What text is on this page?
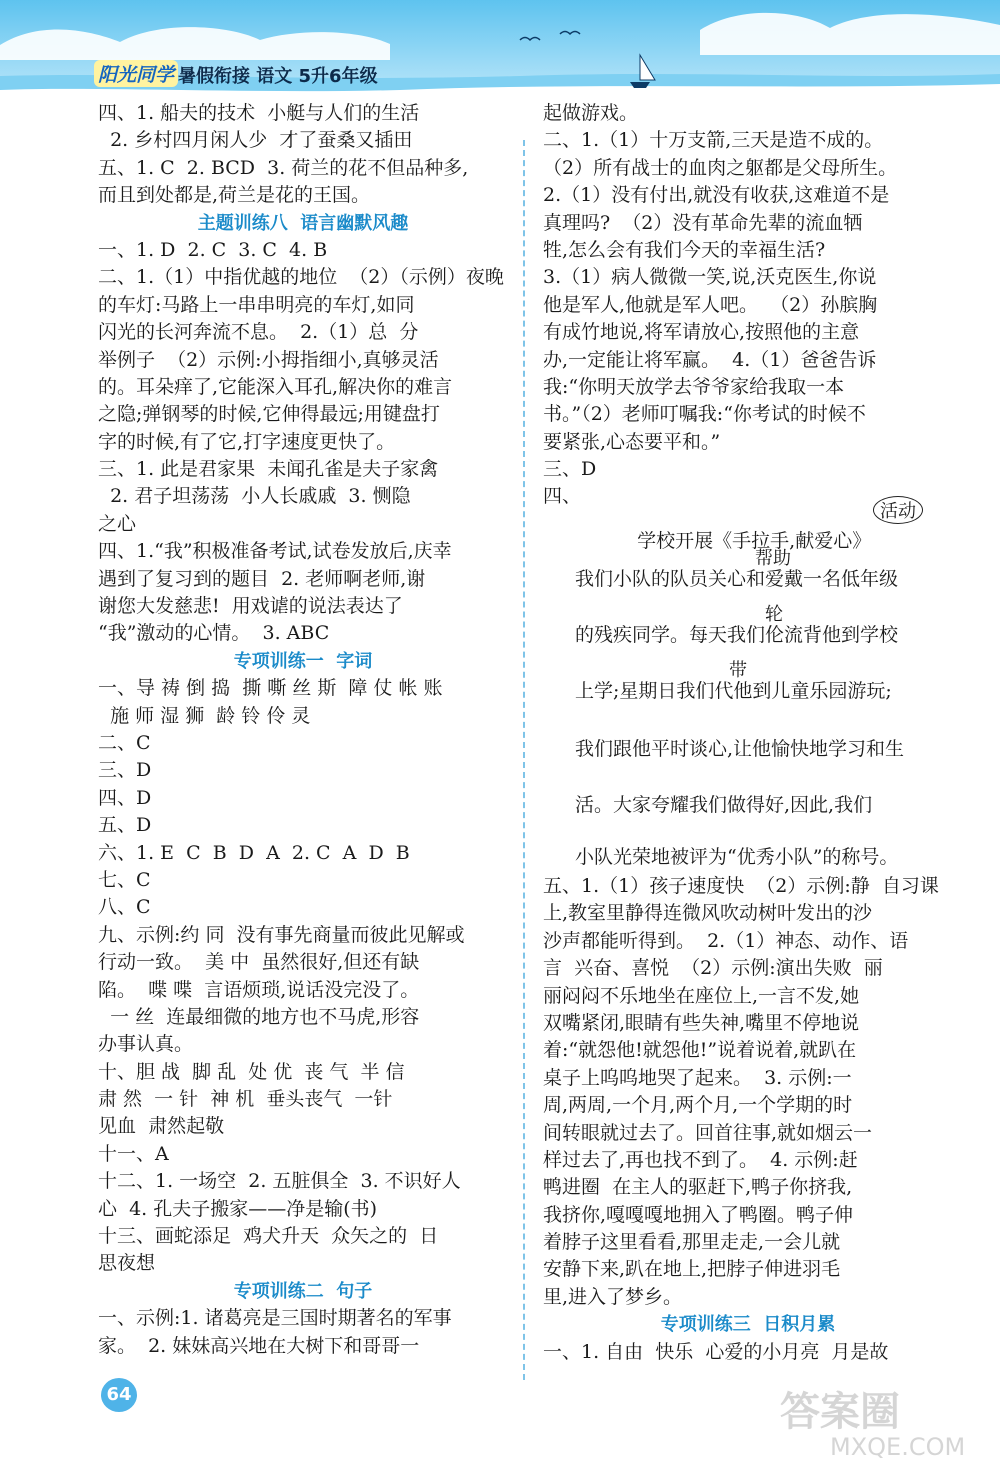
阳光同学 暑假衔接 语文 5升6年级
四、1. 船夫的技术  小艇与人们的生活
2. 乡村四月闲人少  才了蚕桑又插田
五、1. C  2. BCD  3. 荷兰的花不但品种多,
而且到处都是,荷兰是花的王国。
主题训练八  语言幽默风趣
一、1. D  2. C  3. C  4. B
二、1.（1）中指优越的地位  （2）（示例）夜晚
的车灯:马路上一串串明亮的车灯,如同
闪光的长河奔流不息。  2.（1）总  分
举例子  （2）示例:小拇指细小,真够灵活
的。耳朵痒了,它能深入耳孔,解决你的难言
之隐;弹钢琴的时候,它伸得最远;用键盘打
字的时候,有了它,打字速度更快了。
三、1. 此是君家果  未闻孔雀是夫子家禽
2. 君子坦荡荡  小人长戚戚  3. 恻隐
之心
四、1.“我”积极准备考试,试卷发放后,庆幸
遇到了复习到的题目  2. 老师啊老师,谢
谢您大发慈悲!  用戏谑的说法表达了
“我”激动的心情。  3. ABC
专项训练一  字词
一、导 祷 倒 捣  撕 嘶 丝 斯  障 仗 帐 账
施 师 湿 狮  龄 铃 伶 灵
二、C
三、D
四、D
五、D
六、1. E  C  B  D  A  2. C  A  D  B
七、C
八、C
九、示例:约 同  没有事先商量而彼此见解或
行动一致。  美 中  虽然很好,但还有缺
陷。  喋 喋  言语烦琐,说话没完没了。
一 丝  连最细微的地方也不马虎,形容
办事认真。
十、胆 战  脚 乱  处 优  丧 气  半 信
肃 然  一 针  神 机  垂头丧气  一针
见血  肃然起敬
十一、A
十二、1. 一场空  2. 五脏俱全  3. 不识好人
心  4. 孔夫子搬家——净是输(书)
十三、画蛇添足  鸡犬升天  众矢之的  日
思夜想
专项训练二  句子
一、示例:1. 诸葛亮是三国时期著名的军事
家。  2. 妹妹高兴地在大树下和哥哥一
起做游戏。
二、1.（1）十万支箭,三天是造不成的。
（2）所有战士的血肉之躯都是父母所生。
2.（1）没有付出,就没有收获,这难道不是
真理吗?  （2）没有革命先辈的流血牺
牲,怎么会有我们今天的幸福生活?
3.（1）病人微微一笑,说,沃克医生,你说
他是军人,他就是军人吧。  （2）孙膑胸
有成竹地说,将军请放心,按照他的主意
办,一定能让将军赢。  4.（1）爸爸告诉
我:“你明天放学去爷爷家给我取一本
书。”（2）老师叮嘱我:“你考试的时候不
要紧张,心态要平和。”
三、D
四、

学校开展《手拉手,献爱心》

活动
我们小队的队员关心和爱戴一名低年级
帮助
的残疾同学。每天我们伦流背他到学校
轮
上学;星期日我们代他到儿童乐园游玩;
带
我们跟他平时谈心,让他愉快地学习和生
活。大家夸耀我们做得好,因此,我们
小队光荣地被评为“优秀小队”的称号。
五、1.（1）孩子速度快  （2）示例:静  自习课
上,教室里静得连微风吹动树叶发出的沙
沙声都能听得到。  2.（1）神态、动作、语
言  兴奋、喜悦  （2）示例:演出失败  丽
丽闷闷不乐地坐在座位上,一言不发,她
双嘴紧闭,眼睛有些失神,嘴里不停地说
着:“就怨他!就怨他!”说着说着,就趴在
桌子上呜呜地哭了起来。  3. 示例:一
周,两周,一个月,两个月,一个学期的时
间转眼就过去了。回首往事,就如烟云一
样过去了,再也找不到了。  4. 示例:赶
鸭进圈  在主人的驱赶下,鸭子你挤我,
我挤你,嘎嘎嘎地拥入了鸭圈。鸭子伸
着脖子这里看看,那里走走,一会儿就
安静下来,趴在地上,把脖子伸进羽毛
里,进入了梦乡。
专项训练三  日积月累
一、1. 自由  快乐  心爱的小月亮  月是故
64	答案圈
MXQE.COM
